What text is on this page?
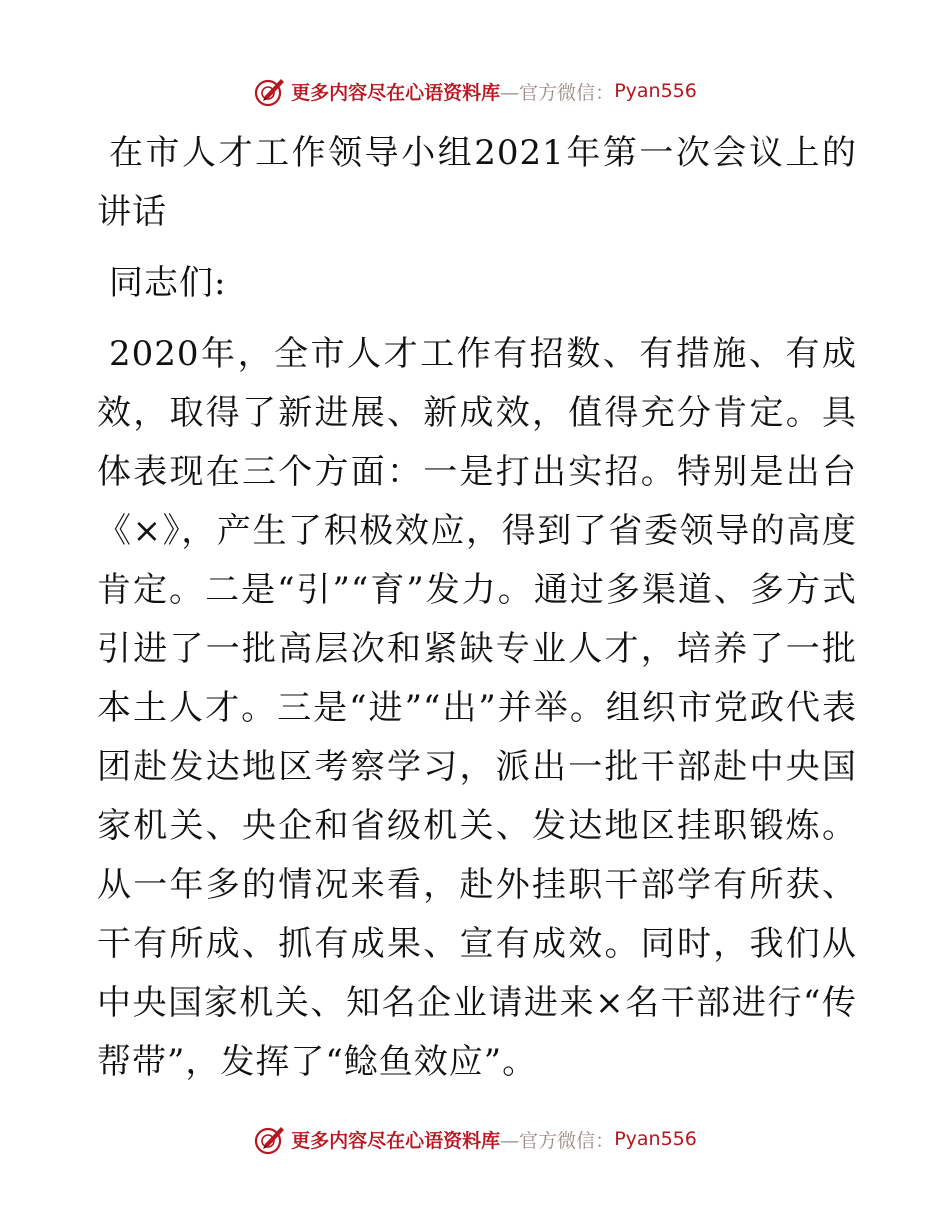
更多内容尽在心语资料库 —官方微信： Pyan556

在市人才工作领导小组2021年第一次会议上的讲话

同志们:

2020年，全市人才工作有招数、有措施、有成效，取得了新进展、新成效，值得充分肯定。具体表现在三个方面：一是打出实招。特别是出台《×》，产生了积极效应，得到了省委领导的高度肯定。二是“引”“育”发力。通过多渠道、多方式引进了一批高层次和紧缺专业人才，培养了一批本土人才。三是“进”“出”并举。组织市党政代表团赴发达地区考察学习，派出一批干部赴中央国家机关、央企和省级机关、发达地区挂职锻炼。从一年多的情况来看，赴外挂职干部学有所获、干有所成、抓有成果、宣有成效。同时，我们从中央国家机关、知名企业请进来×名干部进行“传帮带”，发挥了“鲶鱼效应”。

更多内容尽在心语资料库 —官方微信： Pyan556
